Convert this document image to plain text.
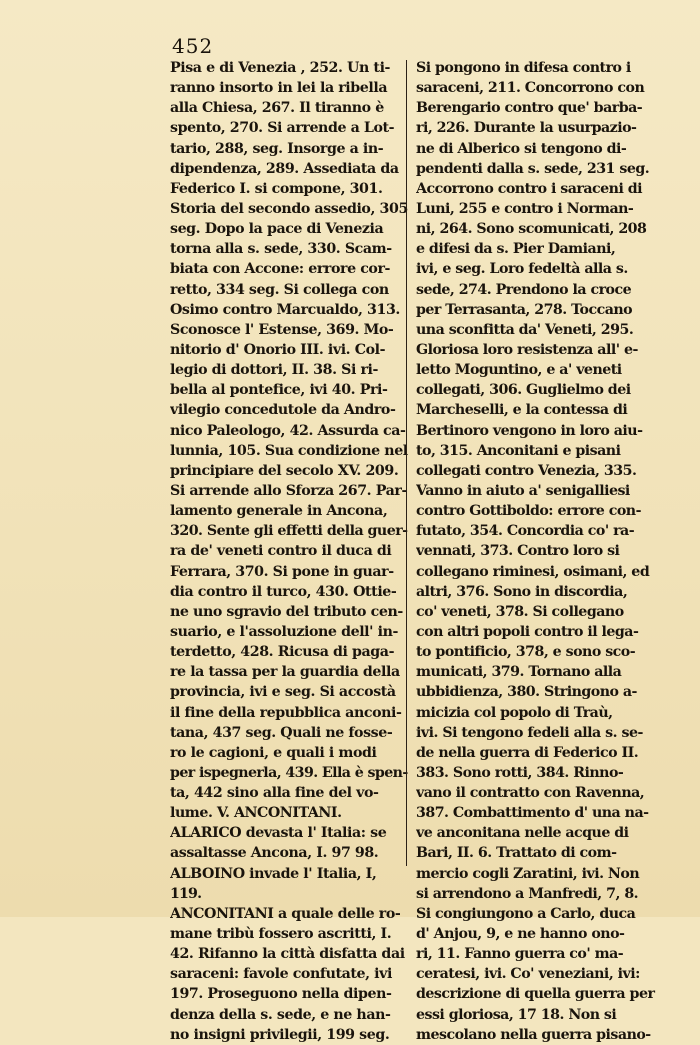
452
Pisa e di Venezia , 252. Un ti-
ranno insorto in lei la ribella
alla Chiesa, 267. Il tiranno è
spento, 270. Si arrende a Lot-
tario, 288, seg. Insorge a in-
dipendenza, 289. Assediata da
Federico I. si compone, 301.
Storia del secondo assedio, 305
seg. Dopo la pace di Venezia
torna alla s. sede, 330. Scam-
biata con Accone: errore cor-
retto, 334 seg. Si collega con
Osimo contro Marcualdo, 313.
Sconosce l' Estense, 369. Mo-
nitorio d' Onorio III. ivi. Col-
legio di dottori, II. 38. Si ri-
bella al pontefice, ivi 40. Pri-
vilegio concedutole da Andro-
nico Paleologo, 42. Assurda ca-
lunnia, 105. Sua condizione nel
principiare del secolo XV. 209.
Si arrende allo Sforza 267. Par-
lamento generale in Ancona,
320. Sente gli effetti della guer-
ra de' veneti contro il duca di
Ferrara, 370. Si pone in guar-
dia contro il turco, 430. Ottie-
ne uno sgravio del tributo cen-
suario, e l'assoluzione dell' in-
terdetto, 428. Ricusa di paga-
re la tassa per la guardia della
provincia, ivi e seg. Si accostà
il fine della repubblica anconi-
tana, 437 seg. Quali ne fosse-
ro le cagioni, e quali i modi
per ispegnerla, 439. Ella è spen-
ta, 442 sino alla fine del vo-
lume. V. ANCONITANI.
ALARICO devasta l' Italia: se
assaltasse Ancona, I. 97 98.
ALBOINO invade l' Italia, I,
119.
ANCONITANI a quale delle ro-
mane tribù fossero ascritti, I.
42. Rifanno la città disfatta dai
saraceni: favole confutate, ivi
197. Proseguono nella dipen-
denza della s. sede, e ne han-
no insigni privilegii, 199 seg.
Si pongono in difesa contro i
saraceni, 211. Concorrono con
Berengario contro que' barba-
ri, 226. Durante la usurpazio-
ne di Alberico si tengono di-
pendenti dalla s. sede, 231 seg.
Accorrono contro i saraceni di
Luni, 255 e contro i Norman-
ni, 264. Sono scomunicati, 208
e difesi da s. Pier Damiani,
ivi, e seg. Loro fedeltà alla s.
sede, 274. Prendono la croce
per Terrasanta, 278. Toccano
una sconfitta da' Veneti, 295.
Gloriosa loro resistenza all' e-
letto Moguntino, e a' veneti
collegati, 306. Guglielmo dei
Marcheselli, e la contessa di
Bertinoro vengono in loro aiu-
to, 315. Anconitani e pisani
collegati contro Venezia, 335.
Vanno in aiuto a' senigalliesi
contro Gottiboldo: errore con-
futato, 354. Concordia co' ra-
vennati, 373. Contro loro si
collegano riminesi, osimani, ed
altri, 376. Sono in discordia,
co' veneti, 378. Si collegano
con altri popoli contro il lega-
to pontificio, 378, e sono sco-
municati, 379. Tornano alla
ubbidienza, 380. Stringono a-
micizia col popolo di Traù,
ivi. Si tengono fedeli alla s. se-
de nella guerra di Federico II.
383. Sono rotti, 384. Rinno-
vano il contratto con Ravenna,
387. Combattimento d' una na-
ve anconitana nelle acque di
Bari, II. 6. Trattato di com-
mercio cogli Zaratini, ivi. Non
si arrendono a Manfredi, 7, 8.
Si congiungono a Carlo, duca
d' Anjou, 9, e ne hanno ono-
ri, 11. Fanno guerra co' ma-
ceratesi, ivi. Co' veneziani, ivi:
descrizione di quella guerra per
essi gloriosa, 17 18. Non si
mescolano nella guerra pisano-
